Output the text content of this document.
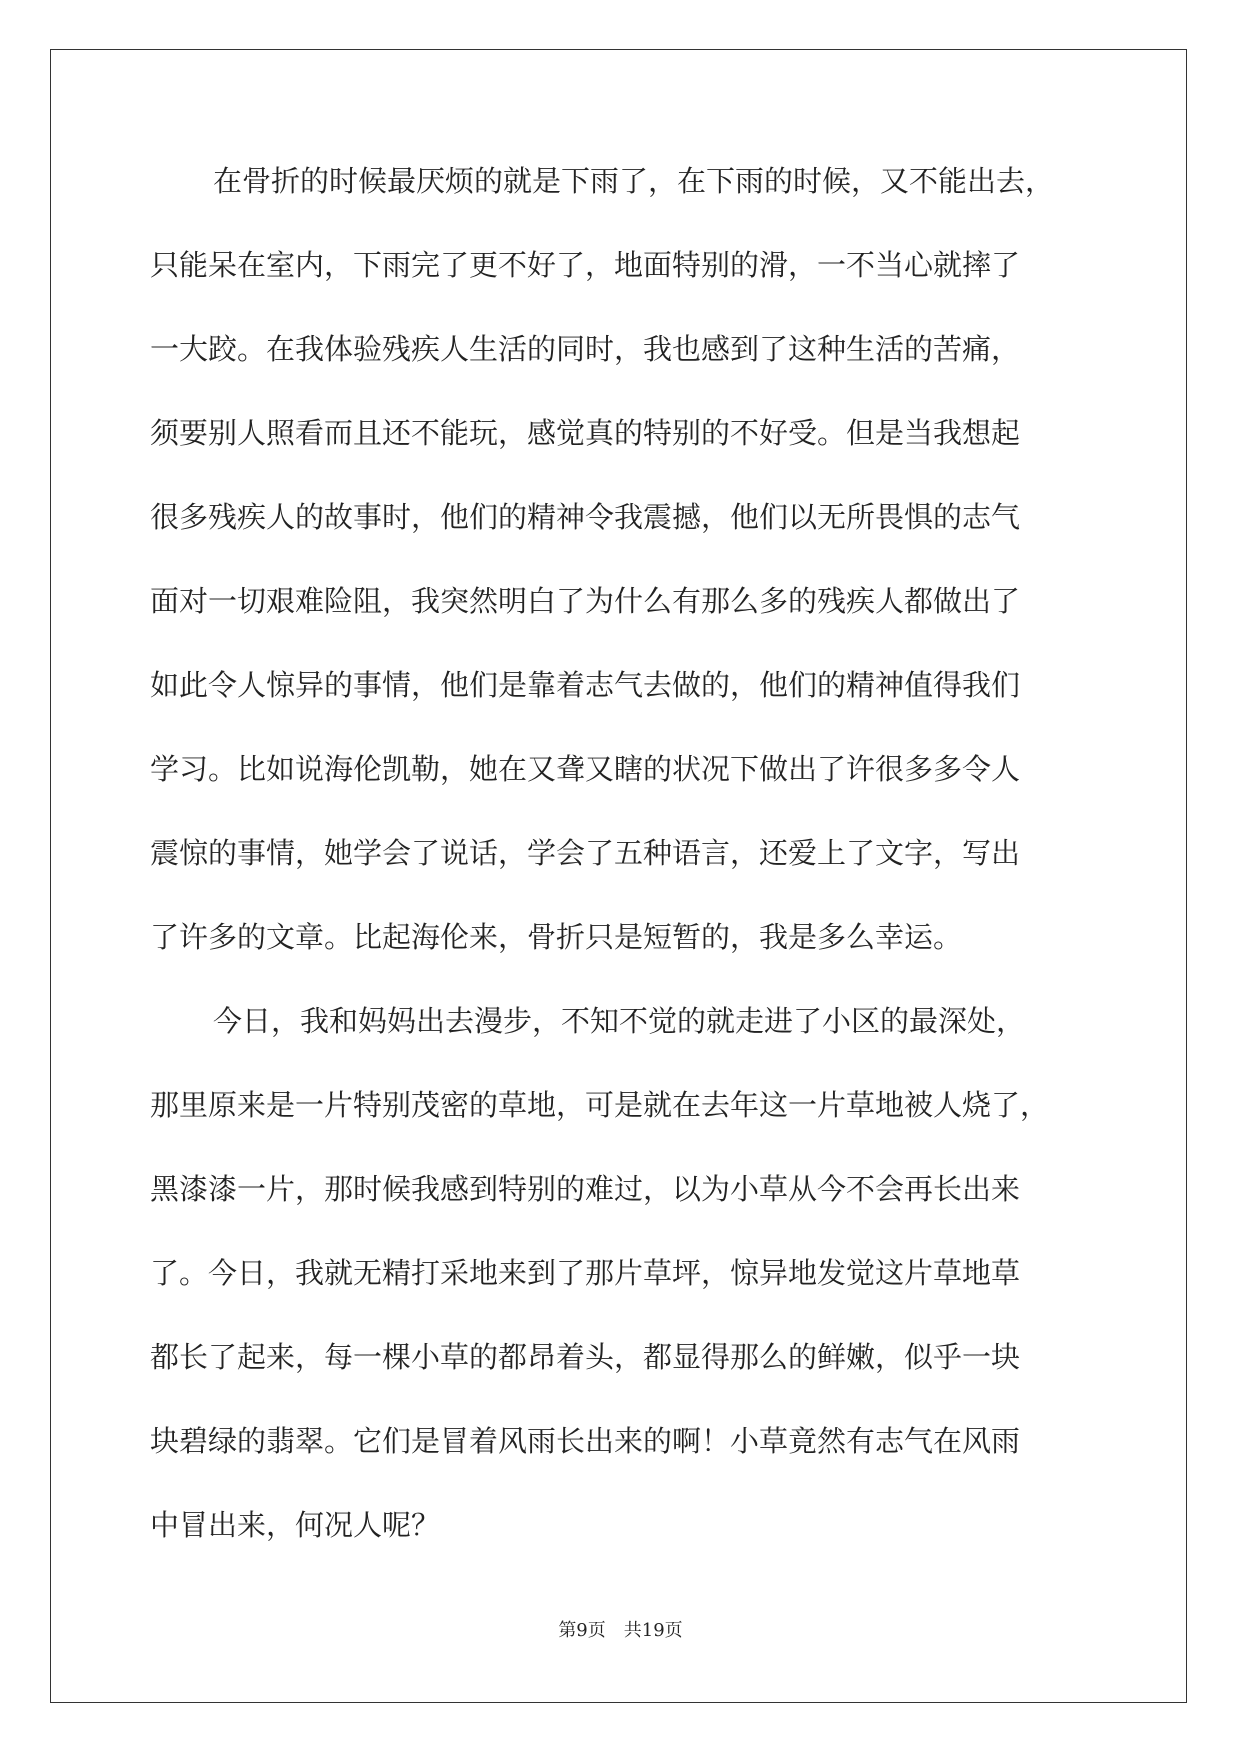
在骨折的时候最厌烦的就是下雨了，在下雨的时候，又不能出去，
只能呆在室内，下雨完了更不好了，地面特别的滑，一不当心就摔了
一大跤。在我体验残疾人生活的同时，我也感到了这种生活的苦痛，
须要别人照看而且还不能玩，感觉真的特别的不好受。但是当我想起
很多残疾人的故事时，他们的精神令我震撼，他们以无所畏惧的志气
面对一切艰难险阻，我突然明白了为什么有那么多的残疾人都做出了
如此令人惊异的事情，他们是靠着志气去做的，他们的精神值得我们
学习。比如说海伦凯勒，她在又聋又瞎的状况下做出了许很多多令人
震惊的事情，她学会了说话，学会了五种语言，还爱上了文字，写出
了许多的文章。比起海伦来，骨折只是短暂的，我是多么幸运。
今日，我和妈妈出去漫步，不知不觉的就走进了小区的最深处，
那里原来是一片特别茂密的草地，可是就在去年这一片草地被人烧了，
黑漆漆一片，那时候我感到特别的难过，以为小草从今不会再长出来
了。今日，我就无精打采地来到了那片草坪，惊异地发觉这片草地草
都长了起来，每一棵小草的都昂着头，都显得那么的鲜嫩，似乎一块
块碧绿的翡翠。它们是冒着风雨长出来的啊！小草竟然有志气在风雨
中冒出来，何况人呢？
第9页　共19页
